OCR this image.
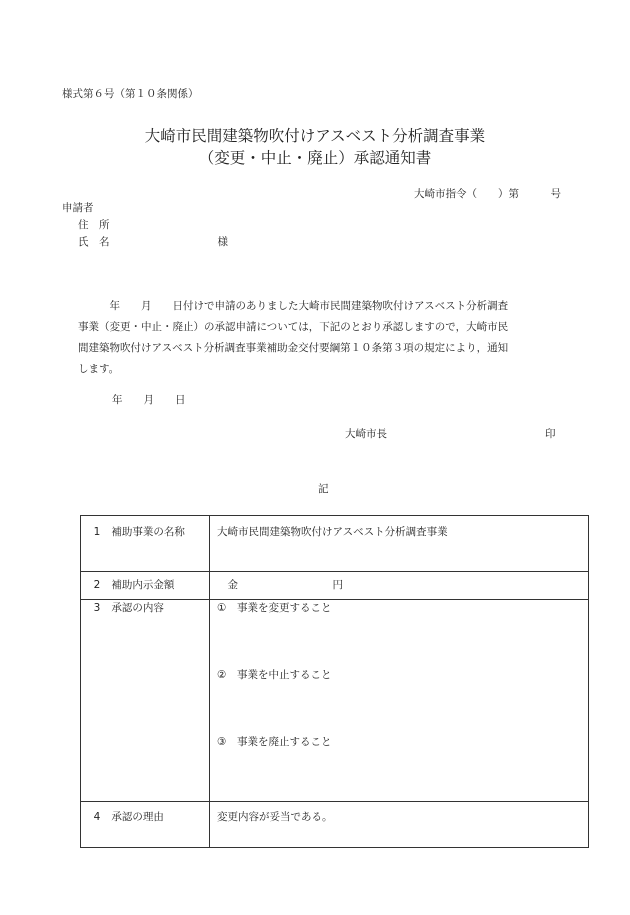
様式第６号（第１０条関係）
大崎市民間建築物吹付けアスベスト分析調査事業
（変更・中止・廃止）承認通知書
大崎市指令（　　）第　　　号
申請者
住　所
氏　名	様
　　　年　　月　　日付けで申請のありました大崎市民間建築物吹付けアスベスト分析調査
事業（変更・中止・廃止）の承認申請については，下記のとおり承認しますので，大崎市民
間建築物吹付けアスベスト分析調査事業補助金交付要綱第１０条第３項の規定により，通知
します。
年　　月　　日
大崎市長	印
記
1 補助事業の名称	大崎市民間建築物吹付けアスベスト分析調査事業
2 補助内示金額	　金　　　　　　　　　円
3 承認の内容	① 事業を変更すること
② 事業を中止すること
③ 事業を廃止すること

4 承認の理由	変更内容が妥当である。
